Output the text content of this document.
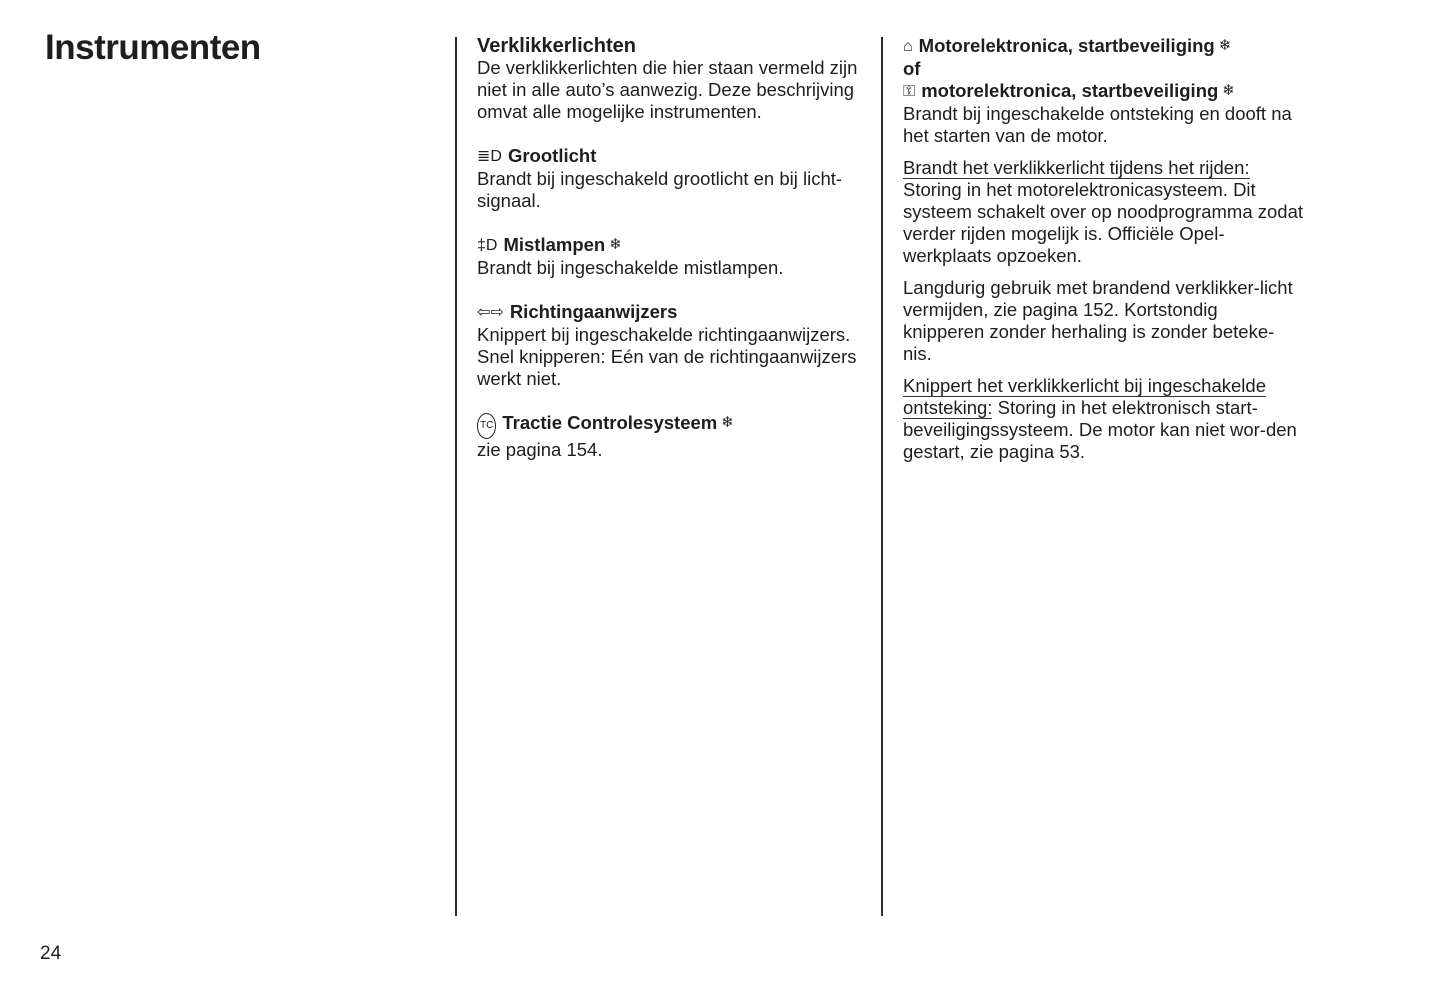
Instrumenten	Verklikkerlichten
De verklikkerlichten die hier staan vermeld zijn niet in alle auto’s aanwezig. Deze beschrijving omvat alle mogelijke instrumenten.
≣D Grootlicht
Brandt bij ingeschakeld grootlicht en bij licht-signaal.
‡D Mistlampen ❄
Brandt bij ingeschakelde mistlampen.
⇦⇨ Richtingaanwijzers
Knippert bij ingeschakelde richtingaanwijzers. Snel knipperen: Eén van de richtingaanwijzers werkt niet.
TC Tractie Controlesysteem ❄
zie pagina 154.
⌂ Motorelektronica, startbeveiliging ❄
of
⚿ motorelektronica, startbeveiliging ❄

Brandt bij ingeschakelde ontsteking en dooft na het starten van de motor.

Brandt het verklikkerlicht tijdens het rijden: Storing in het motorelektronicasysteem. Dit systeem schakelt over op noodprogramma zodat verder rijden mogelijk is. Officiële Opel-werkplaats opzoeken.

Langdurig gebruik met brandend verklikker-licht vermijden, zie pagina 152. Kortstondig knipperen zonder herhaling is zonder beteke-nis.

Knippert het verklikkerlicht bij ingeschakelde ontsteking: Storing in het elektronisch start-beveiligingssysteem. De motor kan niet wor-den gestart, zie pagina 53.

24
